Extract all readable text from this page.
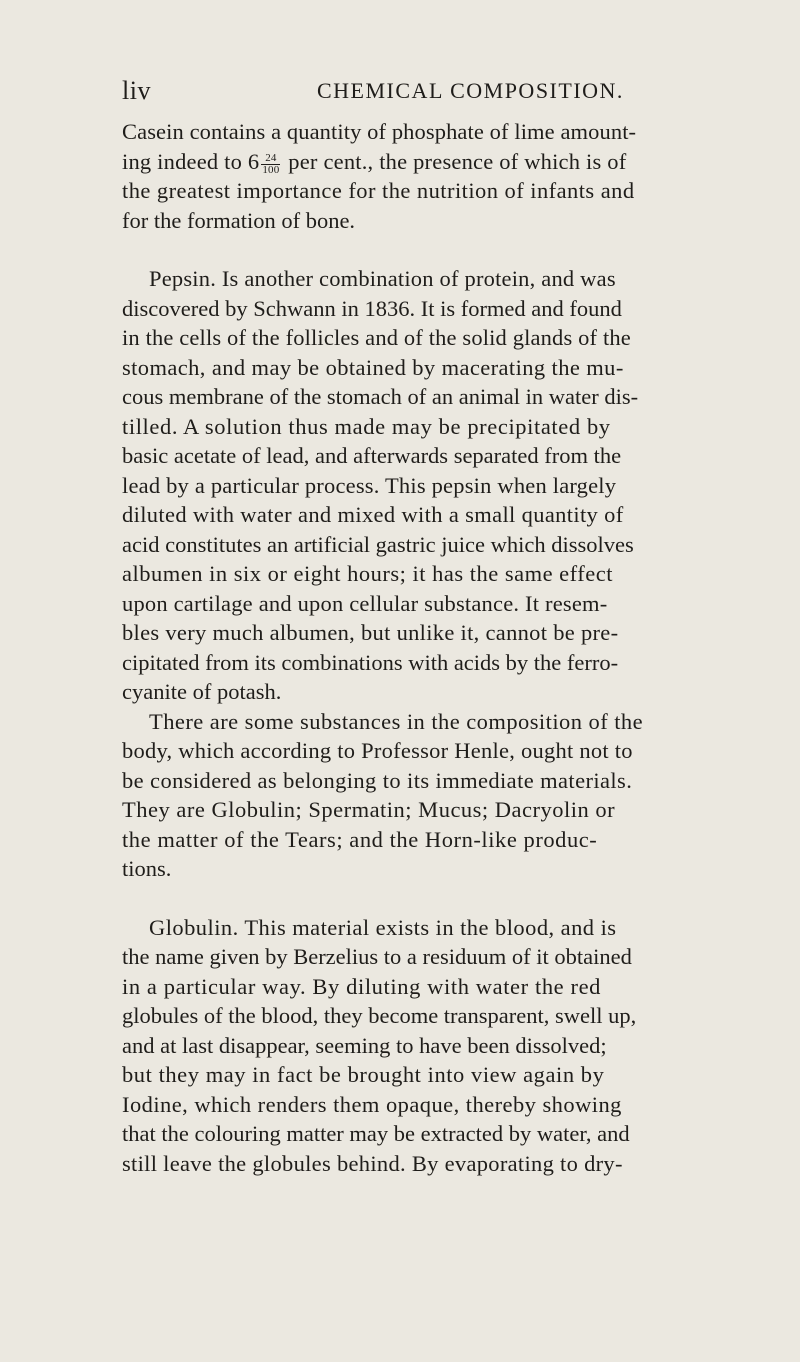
liv	CHEMICAL COMPOSITION.
Casein contains a quantity of phosphate of lime amount-
ing indeed to $6 \frac{24}{100}$ per cent., the presence of which is of
the greatest importance for the nutrition of infants and
for the formation of bone.
Pepsin. Is another combination of protein, and was
discovered by Schwann in 1836. It is formed and found
in the cells of the follicles and of the solid glands of the
stomach, and may be obtained by macerating the mu-
cous membrane of the stomach of an animal in water dis-
tilled. A solution thus made may be precipitated by
basic acetate of lead, and afterwards separated from the
lead by a particular process. This pepsin when largely
diluted with water and mixed with a small quantity of
acid constitutes an artificial gastric juice which dissolves
albumen in six or eight hours; it has the same effect
upon cartilage and upon cellular substance. It resem-
bles very much albumen, but unlike it, cannot be pre-
cipitated from its combinations with acids by the ferro-
cyanite of potash.
There are some substances in the composition of the
body, which according to Professor Henle, ought not to
be considered as belonging to its immediate materials.
They are Globulin; Spermatin; Mucus; Dacryolin or
the matter of the Tears; and the Horn-like produc-
tions.
Globulin. This material exists in the blood, and is
the name given by Berzelius to a residuum of it obtained
in a particular way. By diluting with water the red
globules of the blood, they become transparent, swell up,
and at last disappear, seeming to have been dissolved;
but they may in fact be brought into view again by
Iodine, which renders them opaque, thereby showing
that the colouring matter may be extracted by water, and
still leave the globules behind. By evaporating to dry-
